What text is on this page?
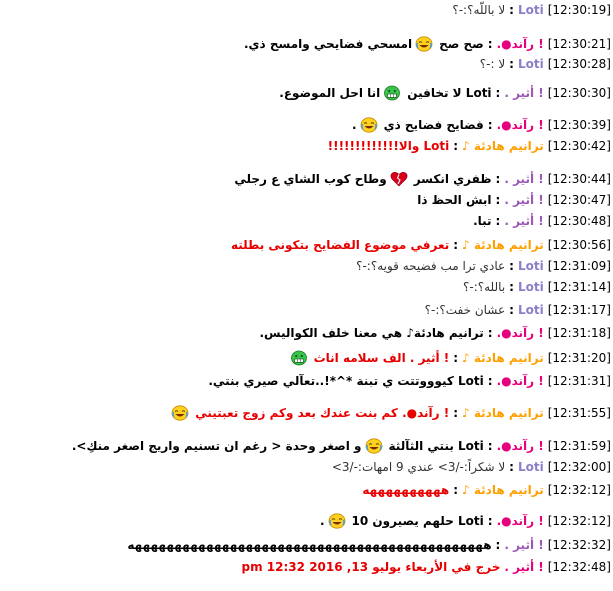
[12:30:19]
Loti
:
لا باللّه؟:-؟
[12:30:21]
! رآند●.
:
صح صح
امسحي فضايحي وامسح ذي.
[12:30:28]
Loti
:
لا :-؟
[12:30:30]
! أثير .
:
Loti لا تخافين
انا احل الموضوع.
[12:30:39]
! رآند●.
:
فضايح فضايح ذي
.
[12:30:42]
ترانيم هادئة ♪
:
Loti والا!!!!!!!!!!!!!
[12:30:44]
! أثير .
:
ظفري انكسر
وطاح كوب الشاي ع رجلي
[12:30:47]
! أثير .
:
ابش الحظ ذا
[12:30:48]
! أثير .
:
تبا.
[12:30:56]
ترانيم هادئة ♪
:
تعرفي موضوع الفضايح بتكونى بطلته
[12:31:09]
Loti
:
عادي ترا مب فضيحه قويه؟:-؟
[12:31:14]
Loti
:
بالله؟:-؟
[12:31:17]
Loti
:
عشان خفت؟:-؟
[12:31:18]
! رآند●.
:
ترانيم هادئة♪ هي معنا خلف الكواليس.
[12:31:20]
ترانيم هادئة ♪
:
! أثير . الف سلامه اناث
[12:31:31]
! رآند●.
:
Loti كيوووتتت ي تبنة *^*!..تعآلي صيري بنتي.
[12:31:55]
ترانيم هادئة ♪
:
! رآند●. كم بنت عندك بعد وكم زوج تعبتيني
[12:31:59]
! رآند●.
:
Loti بنتي الثآلثة
و اصغر وحدة < رغم ان تسنيم واريج اصغر منكِ>.
[12:32:00]
Loti
:
لا شكراً:-/3> عندي 9 امهات:-/3>
[12:32:12]
ترانيم هادئة ♪
:
ههههههههههه
[12:32:12]
! رآند●.
:
Loti حلهم يصيرون 10
.
[12:32:32]
! أثير .
:
هههههههههههههههههههههههههههههههههههههههههههههه
[12:32:48]
! أثير .
خرج في الأربعاء يوليو 13, 2016 12:32 pm
